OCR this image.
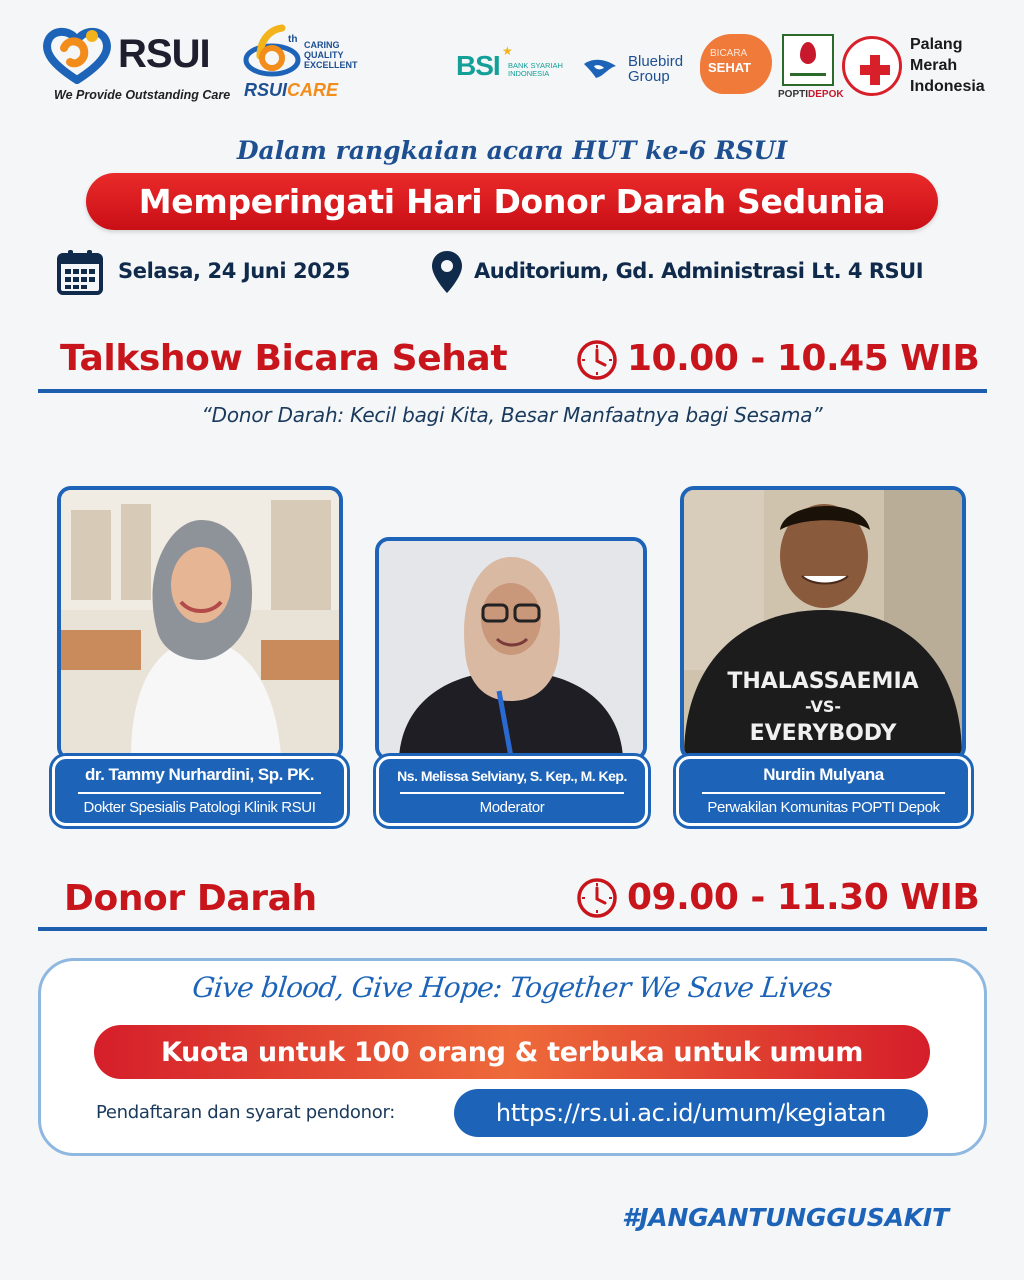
RSUI
We Provide Outstanding Care
th CARING
QUALITY
EXCELLENT
RSUICARE
BSI ★
BANK SYARIAH
INDONESIA
Bluebird
Group
BICARA
SEHAT
POPTIDEPOK
Palang
Merah
Indonesia
Dalam rangkaian acara HUT ke-6 RSUI
Memperingati Hari Donor Darah Sedunia
Selasa, 24 Juni 2025	Auditorium, Gd. Administrasi Lt. 4 RSUI
Talkshow Bicara Sehat	10.00 - 10.45 WIB
“Donor Darah: Kecil bagi Kita, Besar Manfaatnya bagi Sesama”
dr. Tammy Nurhardini, Sp. PK.
Dokter Spesialis Patologi Klinik RSUI
Ns. Melissa Selviany, S. Kep., M. Kep.
Moderator
THALASSAEMIA
-VS-
EVERYBODY
Nurdin Mulyana
Perwakilan Komunitas POPTI Depok
Donor Darah	09.00 - 11.30 WIB
Give blood, Give Hope: Together We Save Lives
Kuota untuk 100 orang & terbuka untuk umum
Pendaftaran dan syarat pendonor:	https://rs.ui.ac.id/umum/kegiatan
#JANGANTUNGGUSAKIT
